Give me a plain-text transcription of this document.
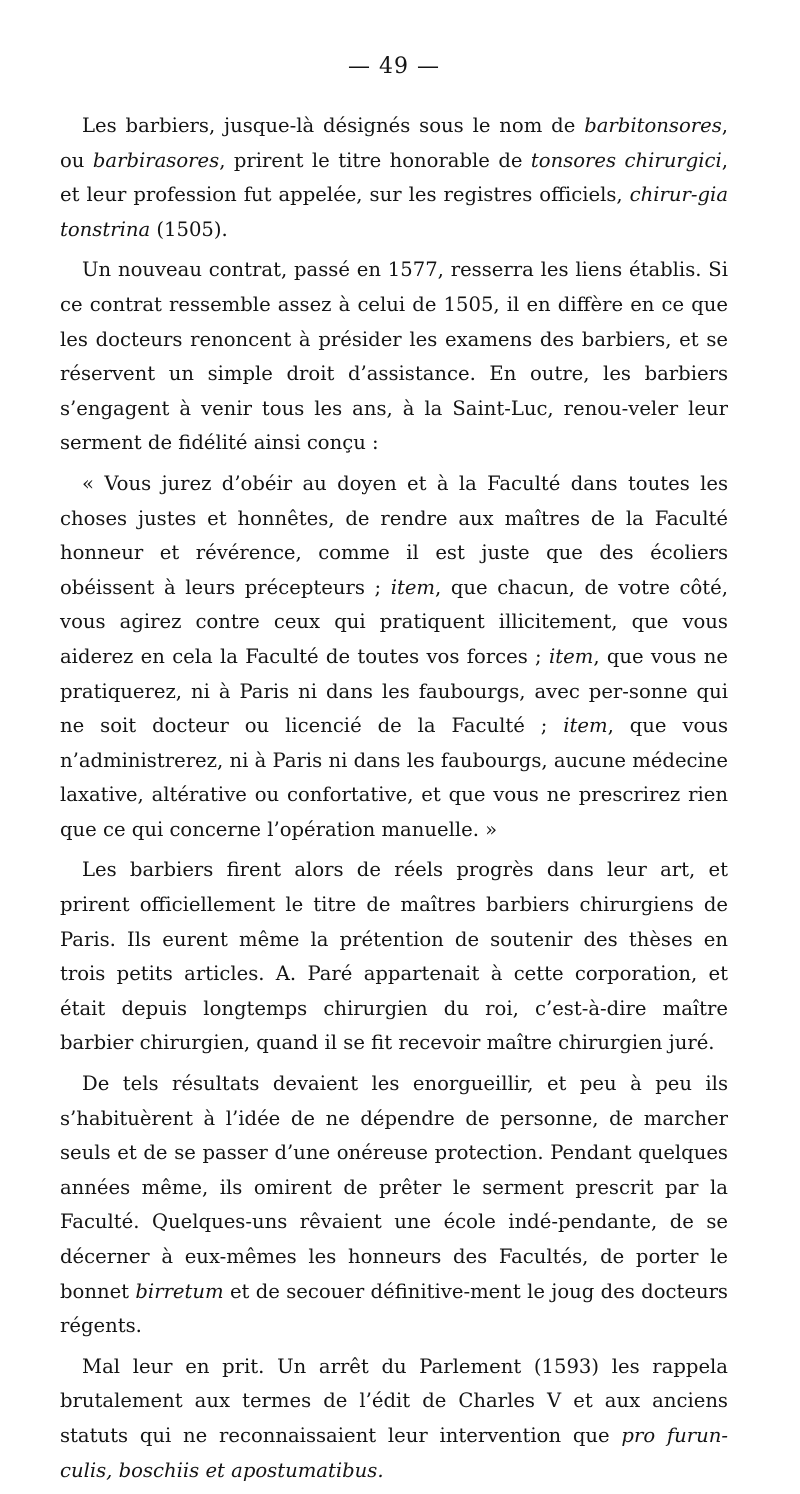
— 49 —

Les barbiers, jusque-là désignés sous le nom de barbitonsores, ou barbirasores, prirent le titre honorable de tonsores chirurgici, et leur profession fut appelée, sur les registres officiels, chirur-gia tonstrina (1505).

Un nouveau contrat, passé en 1577, resserra les liens établis. Si ce contrat ressemble assez à celui de 1505, il en diffère en ce que les docteurs renoncent à présider les examens des barbiers, et se réservent un simple droit d’assistance. En outre, les barbiers s’engagent à venir tous les ans, à la Saint-Luc, renou-veler leur serment de fidélité ainsi conçu :

« Vous jurez d’obéir au doyen et à la Faculté dans toutes les choses justes et honnêtes, de rendre aux maîtres de la Faculté honneur et révérence, comme il est juste que des écoliers obéissent à leurs précepteurs ; item, que chacun, de votre côté, vous agirez contre ceux qui pratiquent illicitement, que vous aiderez en cela la Faculté de toutes vos forces ; item, que vous ne pratiquerez, ni à Paris ni dans les faubourgs, avec per-sonne qui ne soit docteur ou licencié de la Faculté ; item, que vous n’administrerez, ni à Paris ni dans les faubourgs, aucune médecine laxative, altérative ou confortative, et que vous ne prescrirez rien que ce qui concerne l’opération manuelle. »

Les barbiers firent alors de réels progrès dans leur art, et prirent officiellement le titre de maîtres barbiers chirurgiens de Paris. Ils eurent même la prétention de soutenir des thèses en trois petits articles. A. Paré appartenait à cette corporation, et était depuis longtemps chirurgien du roi, c’est-à-dire maître barbier chirurgien, quand il se fit recevoir maître chirurgien juré.

De tels résultats devaient les enorgueillir, et peu à peu ils s’habituèrent à l’idée de ne dépendre de personne, de marcher seuls et de se passer d’une onéreuse protection. Pendant quelques années même, ils omirent de prêter le serment prescrit par la Faculté. Quelques-uns rêvaient une école indé-pendante, de se décerner à eux-mêmes les honneurs des Facultés, de porter le bonnet birretum et de secouer définitive-ment le joug des docteurs régents.

Mal leur en prit. Un arrêt du Parlement (1593) les rappela brutalement aux termes de l’édit de Charles V et aux anciens statuts qui ne reconnaissaient leur intervention que pro furun-culis, boschiis et apostumatibus.
